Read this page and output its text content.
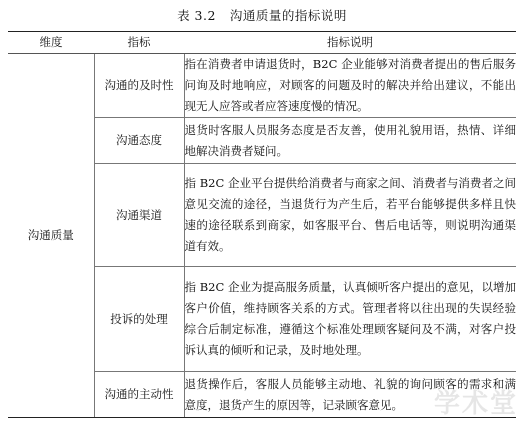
表 3.2 沟通质量的指标说明
维度	指标	指标说明
沟通质量	沟通的及时性	指在消费者申请退货时，B2C 企业能够对消费者提出的售后服务问询及时地响应，对顾客的问题及时的解决并给出建议，不能出现无人应答或者应答速度慢的情况。
	沟通态度	退货时客服人员服务态度是否友善，使用礼貌用语，热情、详细地解决消费者疑问。
	沟通渠道	指 B2C 企业平台提供给消费者与商家之间、消费者与消费者之间意见交流的途径，当退货行为产生后，若平台能够提供多样且快速的途径联系到商家，如客服平台、售后电话等，则说明沟通渠道有效。
	投诉的处理	指 B2C 企业为提高服务质量，认真倾听客户提出的意见，以增加客户价值，维持顾客关系的方式。管理者将以往出现的失误经验综合后制定标准，遵循这个标准处理顾客疑问及不满，对客户投诉认真的倾听和记录，及时地处理。
	沟通的主动性	退货操作后，客服人员能够主动地、礼貌的询问顾客的需求和满意度，退货产生的原因等，记录顾客意见。 学术堂
